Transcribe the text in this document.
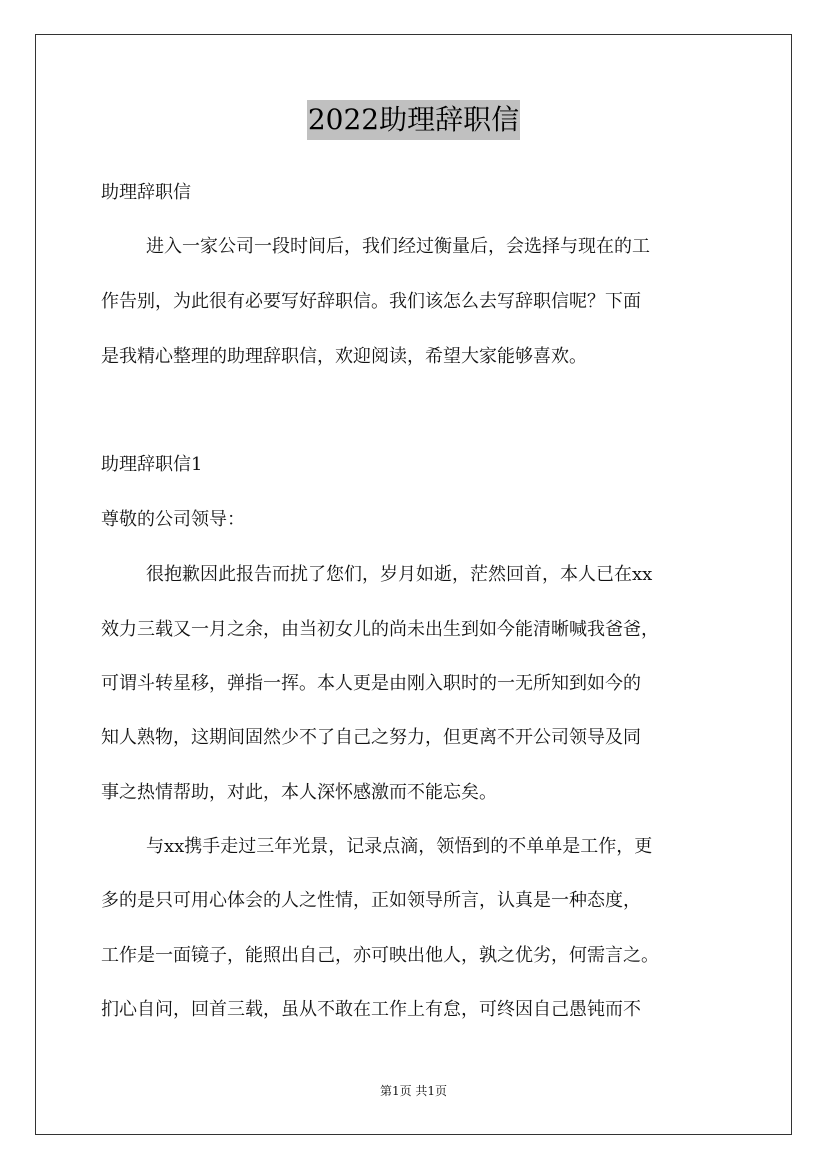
2022助理辞职信
助理辞职信
进入一家公司一段时间后，我们经过衡量后，会选择与现在的工
作告别，为此很有必要写好辞职信。我们该怎么去写辞职信呢？下面
是我精心整理的助理辞职信，欢迎阅读，希望大家能够喜欢。
助理辞职信1
尊敬的公司领导：
很抱歉因此报告而扰了您们，岁月如逝，茫然回首，本人已在xx
效力三载又一月之余，由当初女儿的尚未出生到如今能清晰喊我爸爸，
可谓斗转星移，弹指一挥。本人更是由刚入职时的一无所知到如今的
知人熟物，这期间固然少不了自己之努力，但更离不开公司领导及同
事之热情帮助，对此，本人深怀感激而不能忘矣。
与xx携手走过三年光景，记录点滴，领悟到的不单单是工作，更
多的是只可用心体会的人之性情，正如领导所言，认真是一种态度，
工作是一面镜子，能照出自己，亦可映出他人，孰之优劣，何需言之。
扪心自问，回首三载，虽从不敢在工作上有怠，可终因自己愚钝而不
第1页 共1页
